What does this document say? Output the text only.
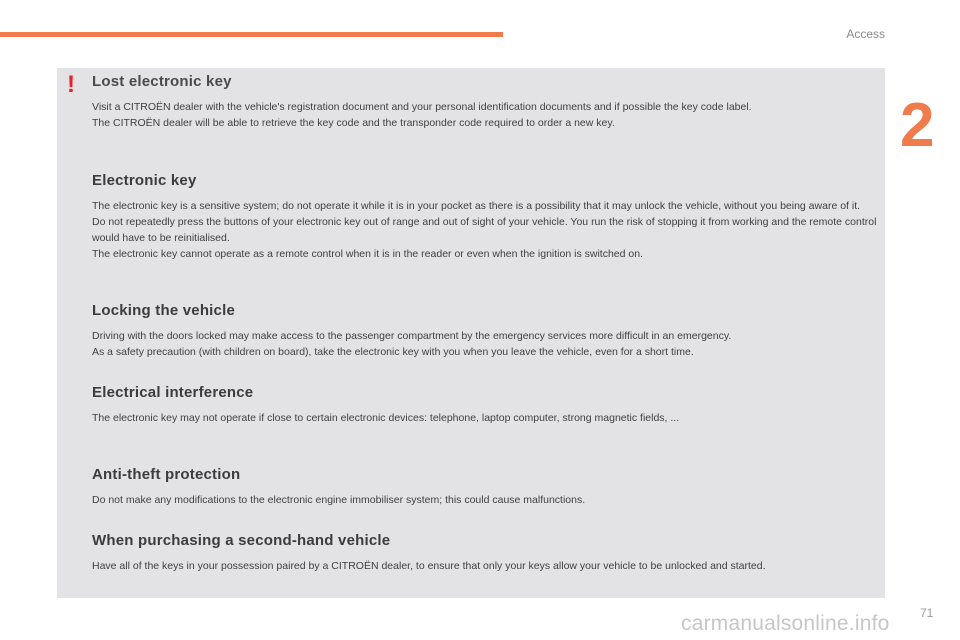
Access
2
! Lost electronic key

Visit a CITROËN dealer with the vehicle's registration document and your personal identification documents and if possible the key code label.

The CITROËN dealer will be able to retrieve the key code and the transponder code required to order a new key.

Electronic key

The electronic key is a sensitive system; do not operate it while it is in your pocket as there is a possibility that it may unlock the vehicle, without you being aware of it.

Do not repeatedly press the buttons of your electronic key out of range and out of sight of your vehicle. You run the risk of stopping it from working and the remote control would have to be reinitialised.

The electronic key cannot operate as a remote control when it is in the reader or even when the ignition is switched on.

Locking the vehicle

Driving with the doors locked may make access to the passenger compartment by the emergency services more difficult in an emergency.

As a safety precaution (with children on board), take the electronic key with you when you leave the vehicle, even for a short time.

Electrical interference

The electronic key may not operate if close to certain electronic devices: telephone, laptop computer, strong magnetic fields, ...

Anti-theft protection

Do not make any modifications to the electronic engine immobiliser system; this could cause malfunctions.

When purchasing a second-hand vehicle

Have all of the keys in your possession paired by a CITROËN dealer, to ensure that only your keys allow your vehicle to be unlocked and started.

71
carmanualsonline.info
